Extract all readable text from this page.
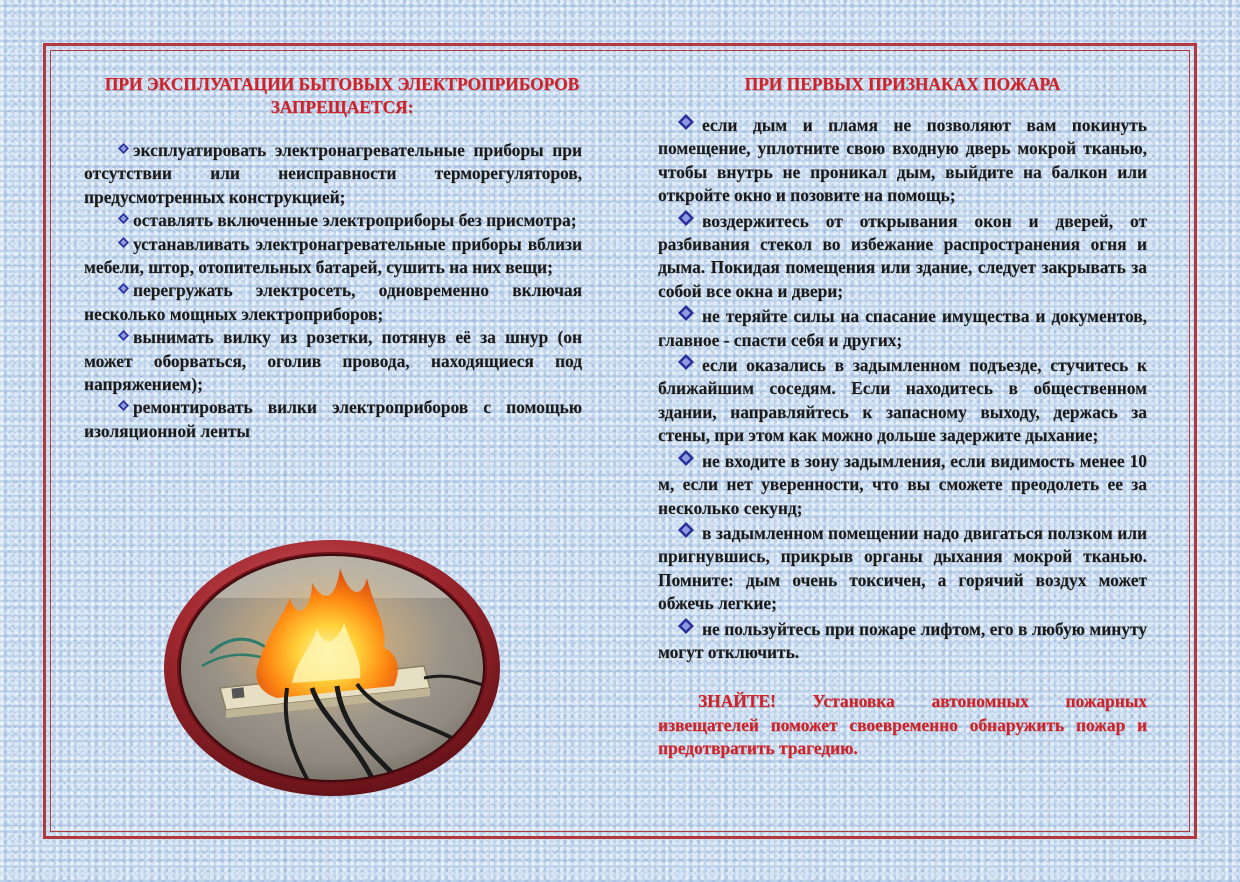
ПРИ ЭКСПЛУАТАЦИИ БЫТОВЫХ ЭЛЕКТРОПРИБОРОВ ЗАПРЕЩАЕТСЯ:
эксплуатировать электронагревательные приборы при отсутствии или неисправности терморегуляторов, предусмотренных конструкцией;
оставлять включенные электроприборы без присмотра;
устанавливать электронагревательные приборы вблизи мебели, штор, отопительных батарей, сушить на них вещи;
перегружать электросеть, одновременно включая несколько мощных электроприборов;
вынимать вилку из розетки, потянув её за шнур (он может оборваться, оголив провода, находящиеся под напряжением);
ремонтировать вилки электроприборов с помощью изоляционной ленты
ПРИ ПЕРВЫХ ПРИЗНАКАХ ПОЖАРА
если дым и пламя не позволяют вам покинуть помещение, уплотните свою входную дверь мокрой тканью, чтобы внутрь не проникал дым, выйдите на балкон или откройте окно и позовите на помощь;
воздержитесь от открывания окон и дверей, от разбивания стекол во избежание распространения огня и дыма. Покидая помещения или здание, следует закрывать за собой все окна и двери;
не теряйте силы на спасание имущества и документов, главное - спасти себя и других;
если оказались в задымленном подъезде, стучитесь к ближайшим соседям. Если находитесь в общественном здании, направляйтесь к запасному выходу, держась за стены, при этом как можно дольше задержите дыхание;
не входите в зону задымления, если видимость менее 10 м, если нет уверенности, что вы сможете преодолеть ее за несколько секунд;
в задымленном помещении надо двигаться ползком или пригнувшись, прикрыв органы дыхания мокрой тканью. Помните: дым очень токсичен, а горячий воздух может обжечь легкие;
не пользуйтесь при пожаре лифтом, его в любую минуту могут отключить.

ЗНАЙТЕ! Установка автономных пожарных извещателей поможет своевременно обнаружить пожар и предотвратить трагедию.
